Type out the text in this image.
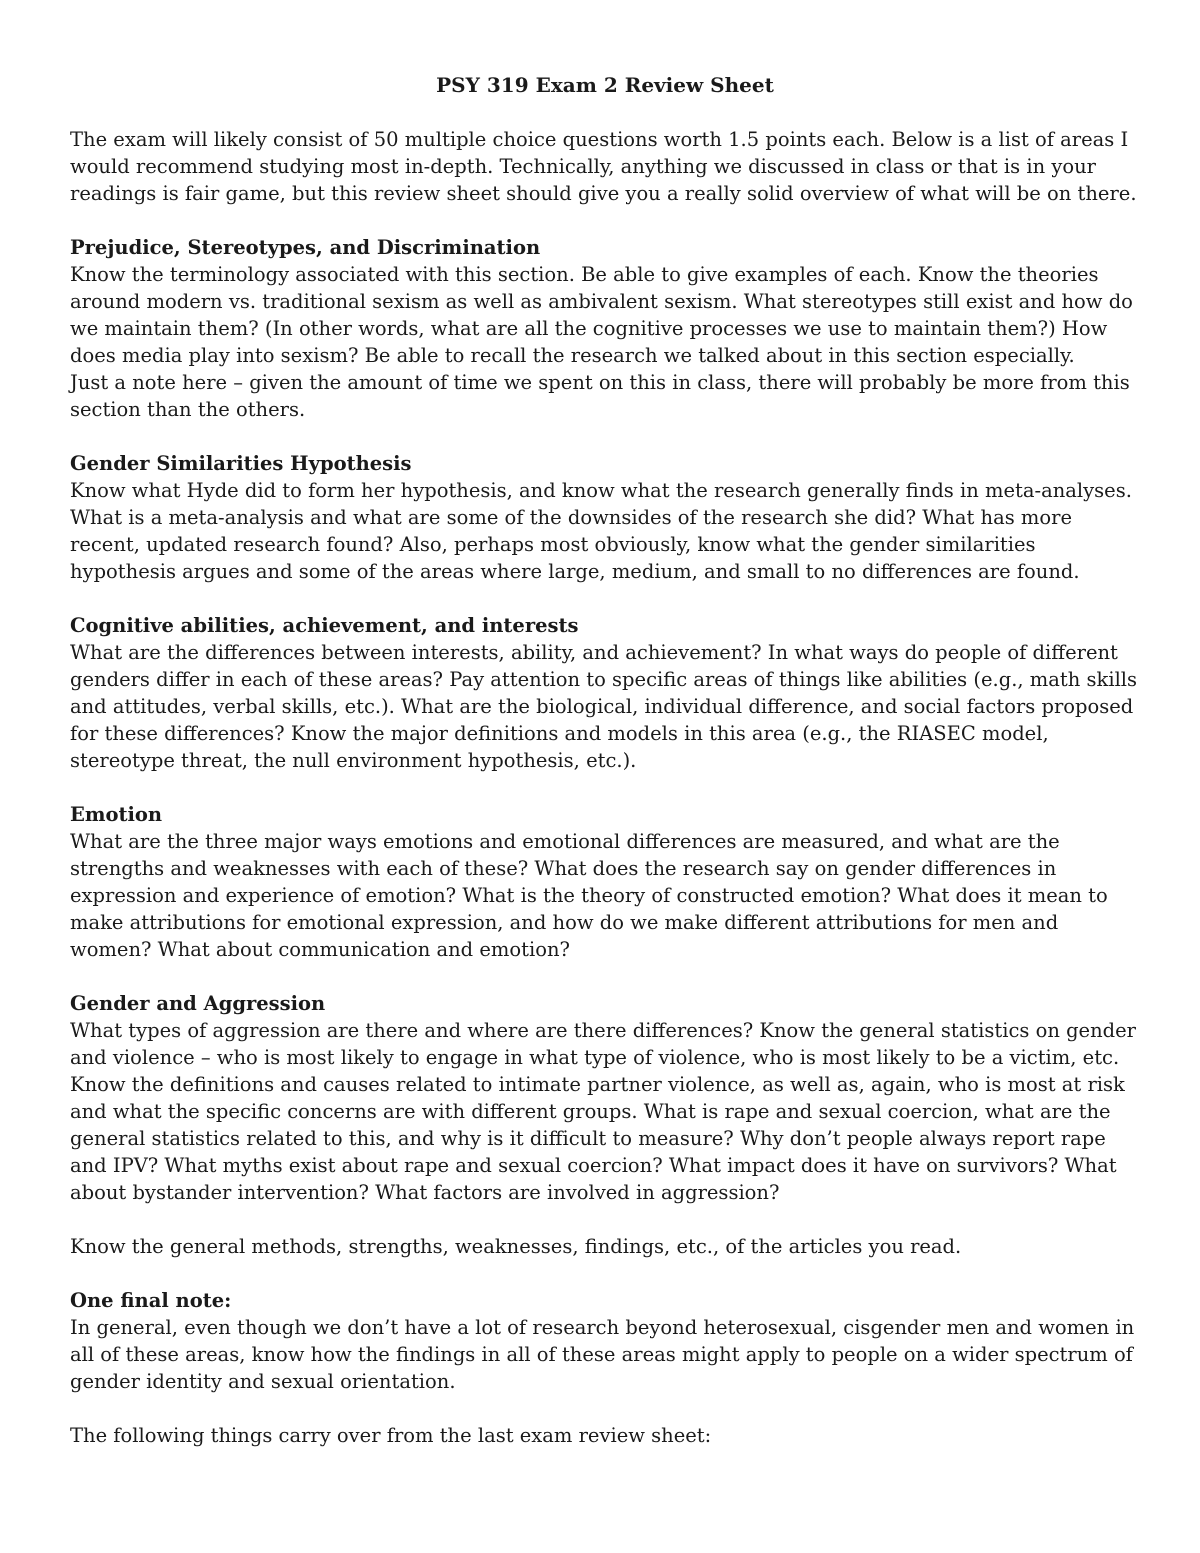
PSY 319 Exam 2 Review Sheet

The exam will likely consist of 50 multiple choice questions worth 1.5 points each. Below is a list of areas I would recommend studying most in-depth. Technically, anything we discussed in class or that is in your readings is fair game, but this review sheet should give you a really solid overview of what will be on there.

Prejudice, Stereotypes, and Discrimination
Know the terminology associated with this section. Be able to give examples of each. Know the theories around modern vs. traditional sexism as well as ambivalent sexism. What stereotypes still exist and how do we maintain them? (In other words, what are all the cognitive processes we use to maintain them?) How does media play into sexism? Be able to recall the research we talked about in this section especially.
Just a note here – given the amount of time we spent on this in class, there will probably be more from this section than the others.
Gender Similarities Hypothesis
Know what Hyde did to form her hypothesis, and know what the research generally finds in meta-analyses. What is a meta-analysis and what are some of the downsides of the research she did? What has more recent, updated research found? Also, perhaps most obviously, know what the gender similarities hypothesis argues and some of the areas where large, medium, and small to no differences are found.
Cognitive abilities, achievement, and interests
What are the differences between interests, ability, and achievement? In what ways do people of different genders differ in each of these areas? Pay attention to specific areas of things like abilities (e.g., math skills and attitudes, verbal skills, etc.). What are the biological, individual difference, and social factors proposed for these differences? Know the major definitions and models in this area (e.g., the RIASEC model, stereotype threat, the null environment hypothesis, etc.).
Emotion
What are the three major ways emotions and emotional differences are measured, and what are the strengths and weaknesses with each of these? What does the research say on gender differences in expression and experience of emotion? What is the theory of constructed emotion? What does it mean to make attributions for emotional expression, and how do we make different attributions for men and women? What about communication and emotion?
Gender and Aggression
What types of aggression are there and where are there differences? Know the general statistics on gender and violence – who is most likely to engage in what type of violence, who is most likely to be a victim, etc. Know the definitions and causes related to intimate partner violence, as well as, again, who is most at risk and what the specific concerns are with different groups. What is rape and sexual coercion, what are the general statistics related to this, and why is it difficult to measure? Why don’t people always report rape and IPV? What myths exist about rape and sexual coercion? What impact does it have on survivors? What about bystander intervention? What factors are involved in aggression?

Know the general methods, strengths, weaknesses, findings, etc., of the articles you read.

One final note:
In general, even though we don’t have a lot of research beyond heterosexual, cisgender men and women in all of these areas, know how the findings in all of these areas might apply to people on a wider spectrum of gender identity and sexual orientation.

The following things carry over from the last exam review sheet:
